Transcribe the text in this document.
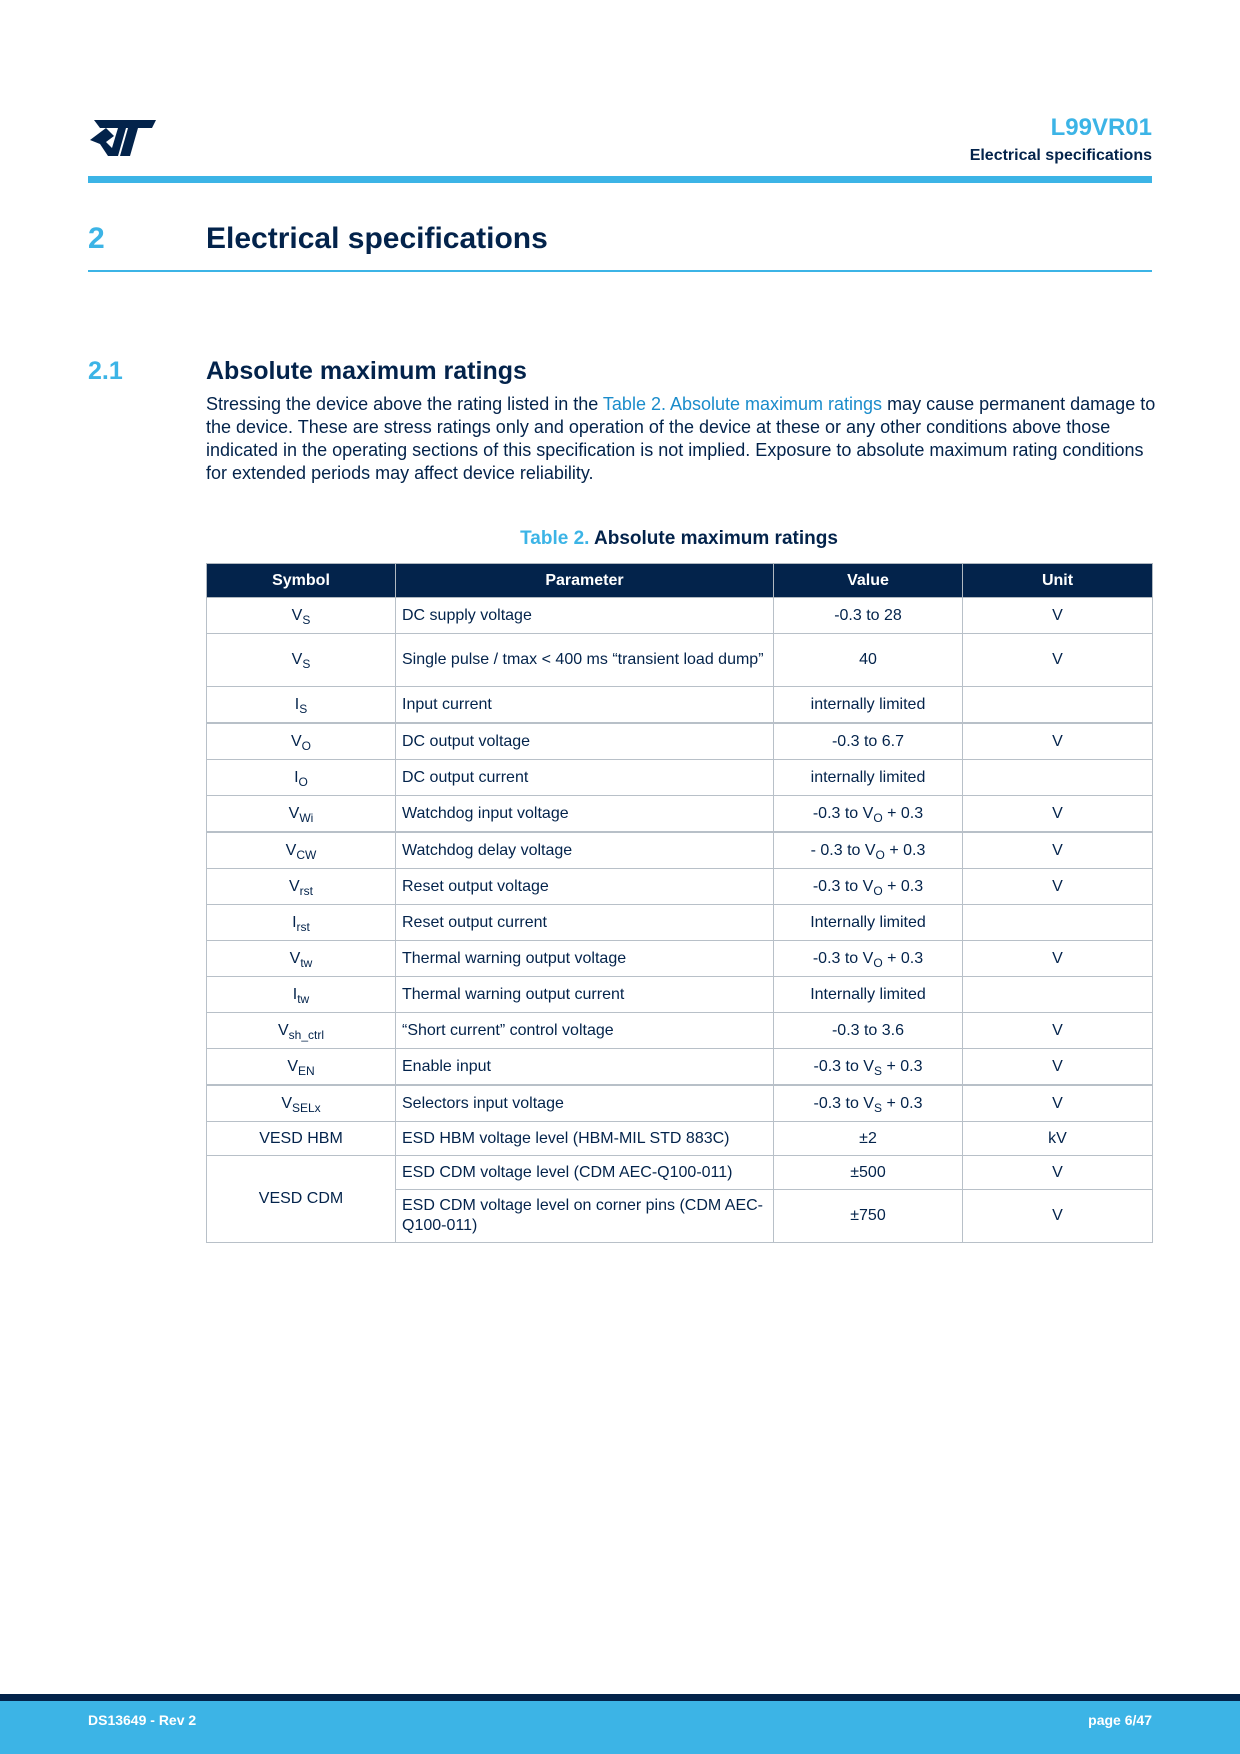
L99VR01
Electrical specifications
2	Electrical specifications
2.1	Absolute maximum ratings

Stressing the device above the rating listed in the Table 2. Absolute maximum ratings may cause permanent damage to the device. These are stress ratings only and operation of the device at these or any other conditions above those indicated in the operating sections of this specification is not implied. Exposure to absolute maximum rating conditions for extended periods may affect device reliability.

Table 2. Absolute maximum ratings
Symbol	Parameter	Value	Unit
$V_S$	DC supply voltage	-0.3 to 28	V
$V_S$	Single pulse / tmax < 400 ms “transient load dump”	40	V
$I_S$	Input current	internally limited	
$V_O$	DC output voltage	-0.3 to 6.7	V
$I_O$	DC output current	internally limited	
$V_{Wi}$	Watchdog input voltage	-0.3 to $V_O + 0.3$	V
$V_{CW}$	Watchdog delay voltage	- 0.3 to $V_O + 0.3$	V
$V_{rst}$	Reset output voltage	-0.3 to $V_O + 0.3$	V
$I_{rst}$	Reset output current	Internally limited	
$V_{tw}$	Thermal warning output voltage	-0.3 to $V_O + 0.3$	V
$I_{tw}$	Thermal warning output current	Internally limited	
$V_{sh\_ctrl}$	“Short current” control voltage	-0.3 to 3.6	V
$V_{EN}$	Enable input	-0.3 to $V_S + 0.3$	V
$V_{SELx}$	Selectors input voltage	-0.3 to $V_S + 0.3$	V
VESD HBM	ESD HBM voltage level (HBM-MIL STD 883C)	±2	kV
VESD CDM	ESD CDM voltage level (CDM AEC-Q100-011)	±500	V
	ESD CDM voltage level on corner pins (CDM AEC-Q100-011)	±750	V
DS13649 - Rev 2	page 6/47
